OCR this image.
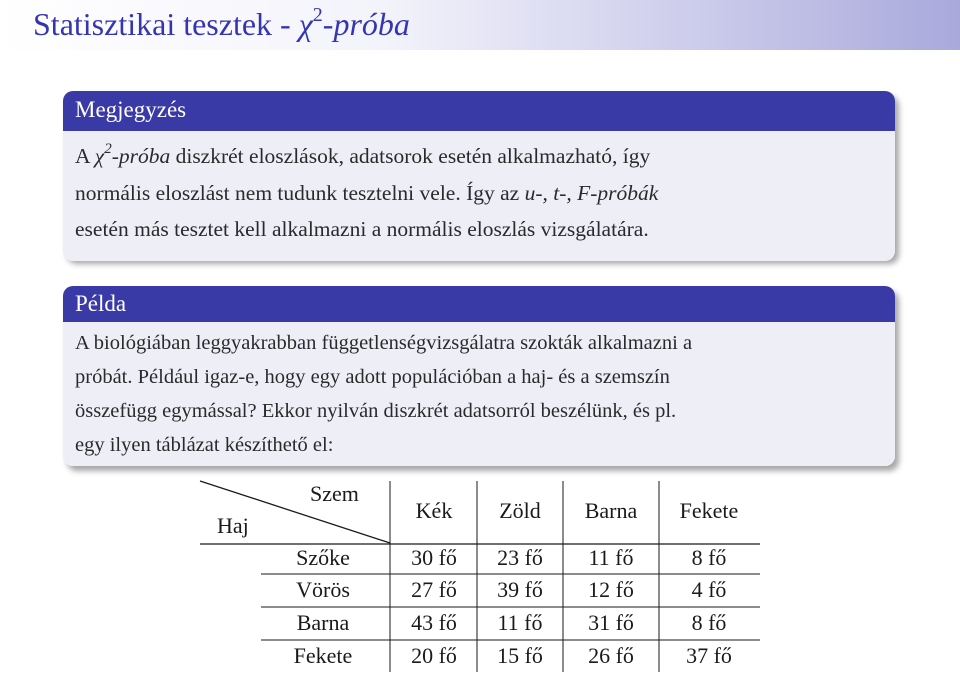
Statisztikai tesztek - $\chi^2$-próba
Megjegyzés
A $\chi^2$-próba diszkrét eloszlások, adatsorok esetén alkalmazható, így
normális eloszlást nem tudunk tesztelni vele. Így az u-, t-, F-próbák
esetén más tesztet kell alkalmazni a normális eloszlás vizsgálatára.
Példa
A biológiában leggyakrabban függetlenségvizsgálatra szokták alkalmazni a
próbát. Például igaz-e, hogy egy adott populációban a haj- és a szemszín
összefügg egymással? Ekkor nyilván diszkrét adatsorról beszélünk, és pl.
egy ilyen táblázat készíthető el:
Szem
Haj
Kék	Zöld	Barna	Fekete
Szőke	30 fő	23 fő	11 fő	8 fő
Vörös	27 fő	39 fő	12 fő	4 fő
Barna	43 fő	11 fő	31 fő	8 fő
Fekete	20 fő	15 fő	26 fő	37 fő
